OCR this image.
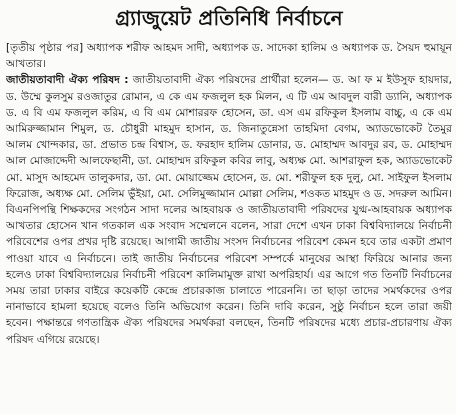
গ্র্যাজুয়েট প্রতিনিধি নির্বাচনে

[তৃতীয় পৃষ্ঠার পর] অধ্যাপক শরীফ আহমদ সাদী, অধ্যাপক ড. সাদেকা হালিম ও অধ্যাপক ড. সৈয়দ হুমায়ূন আখতার।

জাতীয়তাবাদী ঐক্য পরিষদ : জাতীয়তাবাদী ঐক্য পরিষদের প্রার্থীরা হলেন— ড. আ ফ ম ইউসুফ হায়দার, ড. উম্মে কুলসুম রওজাতুর রোমান, এ কে এম ফজলুল হক মিলন, এ টি এম আবদুল বারী ড্যানি, অধ্যাপক ড. এ বি এম ফজলুল করিম, এ বি এম মোশাররফ হোসেন, ডা. এস এম রফিকুল ইসলাম বাচ্চু, এ কে এম আমিরুজ্জামান শিমুল, ড. চৌধুরী মাহমুদ হাসান, ড. জিনাতুন্নেসা তাহমিদা বেগম, অ্যাডভোকেট তৈমুর আলম খোন্দকার, ডা. প্রভাত চন্দ্র বিশ্বাস, ড. ফরহাদ হালিম ডোনার, ড. মোহাম্মদ আবদুর রব, ড. মোহাম্মদ আল মোজাদ্দেদী আলফেছানী, ডা. মোহাম্মদ রফিকুল কবির লাবু, অধ্যক্ষ মো. আশরাফুল হক, অ্যাডভোকেট মো. মাসুদ আহমেদ তালুকদার, ডা. মো. মোয়াজ্জেম হোসেন, ড. মো. শরীফুল হক দুলু, মো. সাইফুল ইসলাম ফিরোজ, অধ্যক্ষ মো. সেলিম ভুঁইয়া, মো. সেলিমুজ্জামান মোল্লা সেলিম, শওকত মাহমুদ ও ড. সদরুল আমিন। বিএনপিপন্থি শিক্ষকদের সংগঠন সাদা দলের আহবায়ক ও জাতীয়তাবাদী পরিষদের যুগ্ম-আহবায়ক অধ্যাপক আখতার হোসেন খান গতকাল এক সংবাদ সম্মেলনে বলেন, সারা দেশে এখন ঢাকা বিশ্ববিদ্যালয়ে নির্বাচনী পরিবেশের ওপর প্রখর দৃষ্টি রয়েছে। আগামী জাতীয় সংসদ নির্বাচনের পরিবেশ কেমন হবে তার একটা প্রমাণ পাওয়া যাবে এ নির্বাচনে। তাই জাতীয় নির্বাচনের পরিবেশ সম্পর্কে মানুষের আস্থা ফিরিয়ে আনার জন্য হলেও ঢাকা বিশ্ববিদ্যালয়ের নির্বাচনী পরিবেশ কালিমামুক্ত রাখা অপরিহার্য। এর আগে গত তিনটি নির্বাচনের সময় তারা ঢাকার বাইরে কয়েকটি কেন্দ্রে প্রচারকাজ চালাতে পারেননি। তা ছাড়া তাদের সমর্থকদের ওপর নানাভাবে হামলা হয়েছে বলেও তিনি অভিযোগ করেন। তিনি দাবি করেন, সুষ্ঠু নির্বাচন হলে তারা জয়ী হবেন। পক্ষান্তরে গণতান্ত্রিক ঐক্য পরিষদের সমর্থকরা বলছেন, তিনটি পরিষদের মধ্যে প্রচার-প্রচারণায় ঐক্য পরিষদ এগিয়ে রয়েছে।
